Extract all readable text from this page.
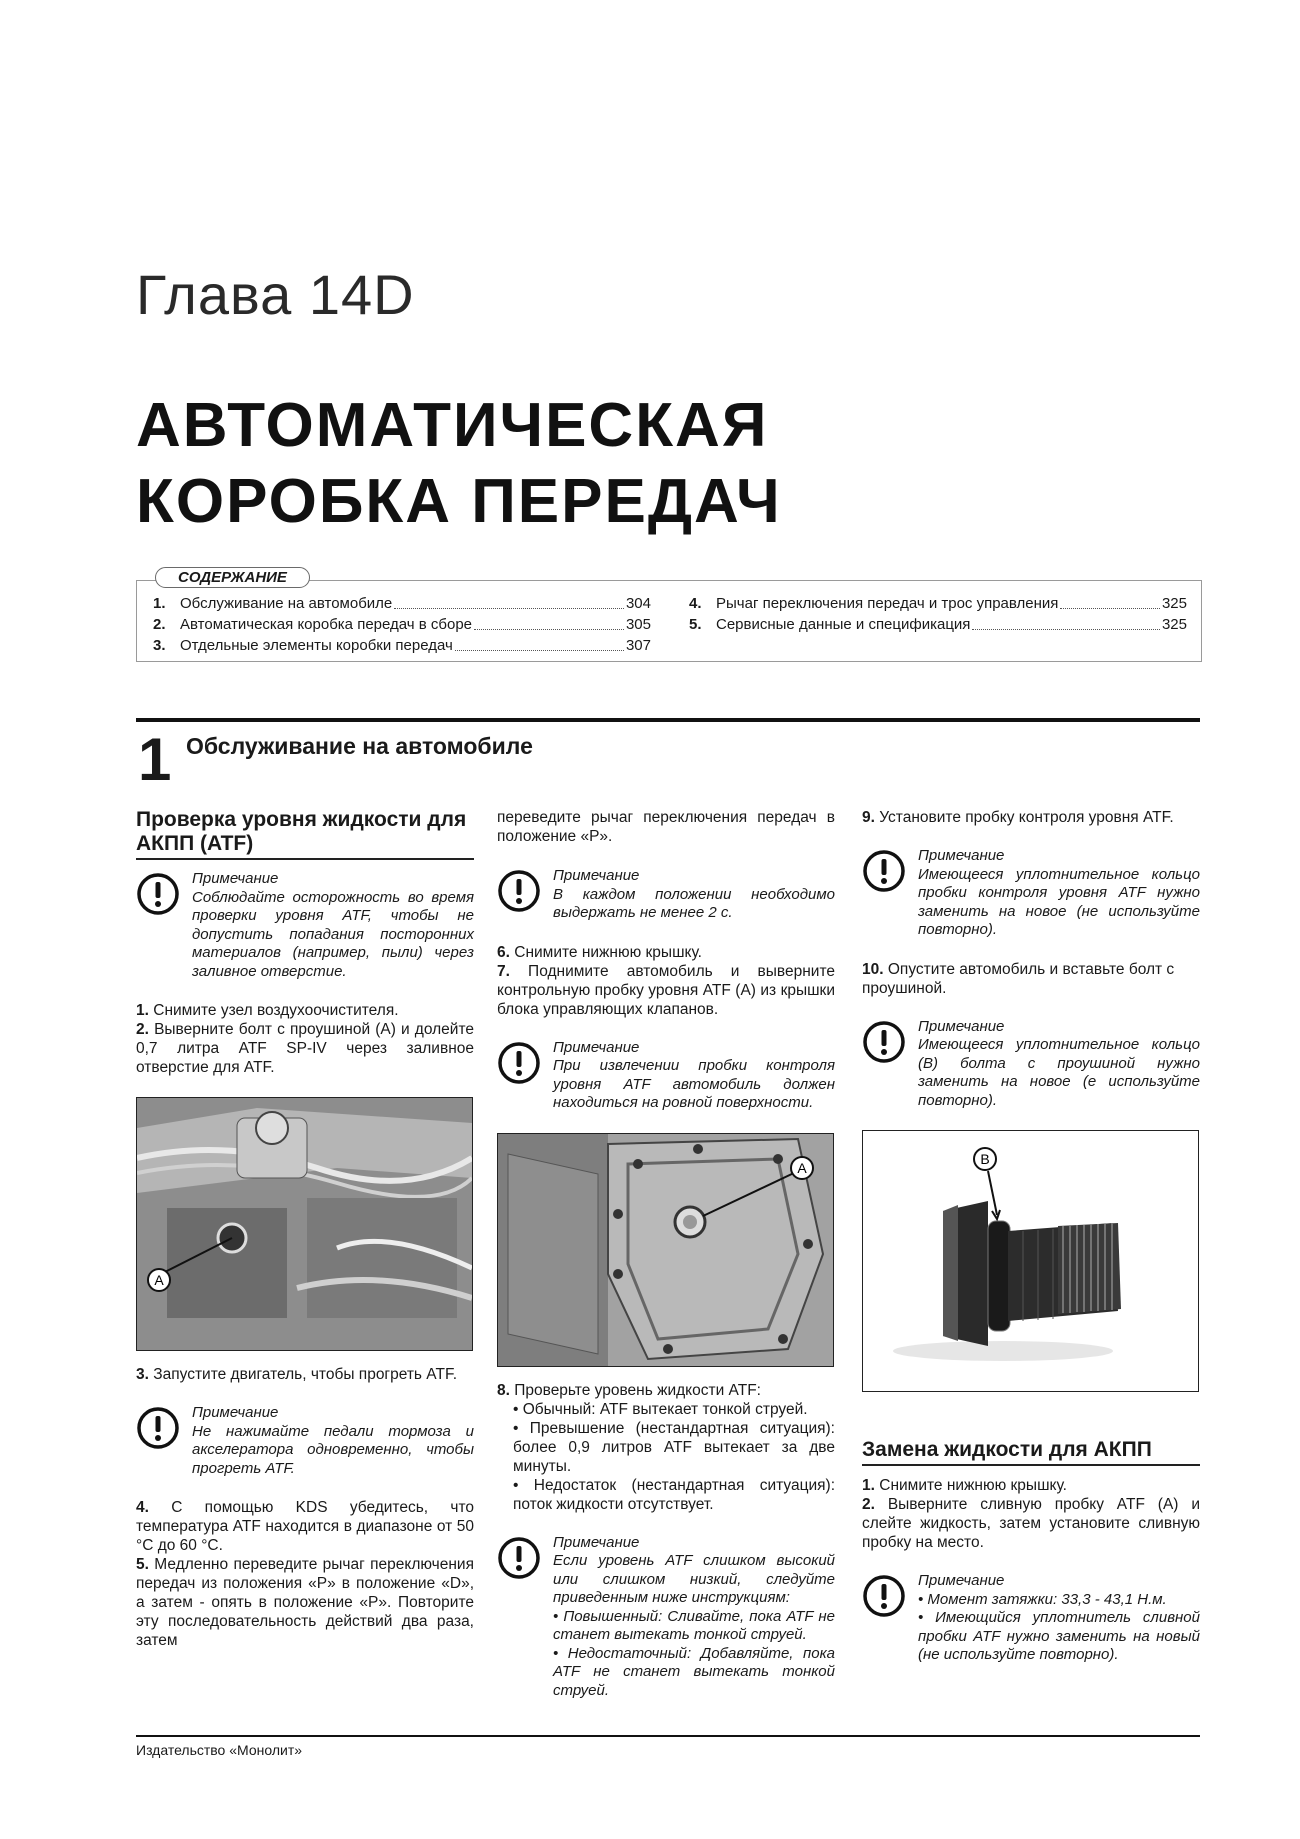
Глава 14D
АВТОМАТИЧЕСКАЯ
КОРОБКА ПЕРЕДАЧ
СОДЕРЖАНИЕ
1. Обслуживание на автомобиле	304
2. Автоматическая коробка передач в сборе	305
3. Отдельные элементы коробки передач	307
4. Рычаг переключения передач и трос управления	325
5. Сервисные данные и спецификация	325
1 Обслуживание на автомобиле
Проверка уровня жидкости для АКПП (ATF)
Примечание
Соблюдайте осторожность во время проверки уровня ATF, чтобы не допустить попадания посторонних материалов (например, пыли) через заливное отверстие.
1. Снимите узел воздухоочистителя.
2. Выверните болт с проушиной (A) и долейте 0,7 литра ATF SP-IV через заливное отверстие для ATF.
A
3. Запустите двигатель, чтобы прогреть ATF.
Примечание
Не нажимайте педали тормоза и акселератора одновременно, чтобы прогреть ATF.
4. С помощью KDS убедитесь, что температура ATF находится в диапазоне от 50 °C до 60 °C.
5. Медленно переведите рычаг переключения передач из положения «P» в положение «D», а затем - опять в положение «P». Повторите эту последовательность действий два раза, затем

переведите рычаг переключения передач в положение «P».

Примечание
В каждом положении необходимо выдержать не менее 2 с.
6. Снимите нижнюю крышку.
7. Поднимите автомобиль и выверните контрольную пробку уровня ATF (A) из крышки блока управляющих клапанов.
Примечание
При извлечении пробки контроля уровня ATF автомобиль должен находиться на ровной поверхности.
A
8. Проверьте уровень жидкости ATF:
• Обычный: ATF вытекает тонкой струей.
• Превышение (нестандартная ситуация): более 0,9 литров ATF вытекает за две минуты.
• Недостаток (нестандартная ситуация): поток жидкости отсутствует.
Примечание
Если уровень ATF слишком высокий или слишком низкий, следуйте приведенным ниже инструкциям:
• Повышенный: Сливайте, пока ATF не станет вытекать тонкой струей.
• Недостаточный: Добавляйте, пока ATF не станет вытекать тонкой струей.
9. Установите пробку контроля уровня ATF.
Примечание
Имеющееся уплотнительное кольцо пробки контроля уровня ATF нужно заменить на новое (не используйте повторно).
10. Опустите автомобиль и вставьте болт с проушиной.
Примечание
Имеющееся уплотнительное кольцо (B) болта с проушиной нужно заменить на новое (е используйте повторно).
B
Замена жидкости для АКПП
1. Снимите нижнюю крышку.
2. Выверните сливную пробку ATF (A) и слейте жидкость, затем установите сливную пробку на место.
Примечание
• Момент затяжки: 33,3 - 43,1 Н.м.
• Имеющийся уплотнитель сливной пробки ATF нужно заменить на новый (не используйте повторно).
Издательство «Монолит»
